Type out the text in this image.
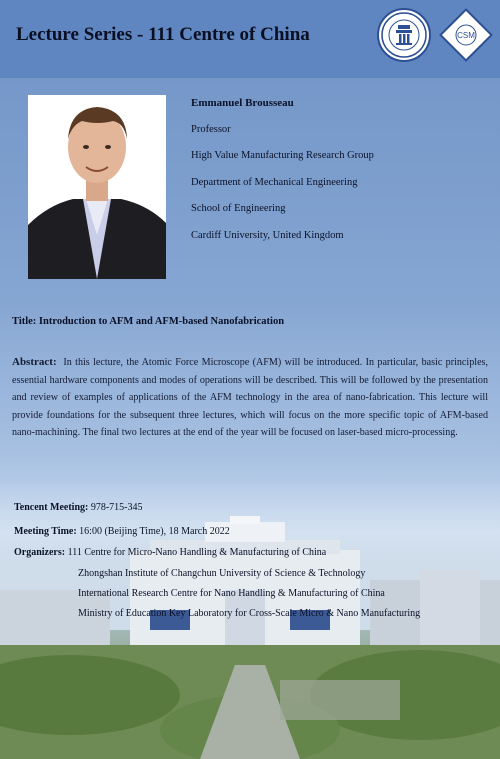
Lecture Series - 111 Centre of China	CSM
Emmanuel Brousseau
Professor
High Value Manufacturing Research Group
Department of Mechanical Engineering
School of Engineering
Cardiff University, United Kingdom
Title: Introduction to AFM and AFM-based Nanofabrication
Abstract: In this lecture, the Atomic Force Microscope (AFM) will be introduced. In particular, basic principles, essential hardware components and modes of operations will be described. This will be followed by the presentation and review of examples of applications of the AFM technology in the area of nano-fabrication. This lecture will provide foundations for the subsequent three lectures, which will focus on the more specific topic of AFM-based nano-machining. The final two lectures at the end of the year will be focused on laser-based micro-processing.
Tencent Meeting: 978-715-345
Meeting Time: 16:00 (Beijing Time), 18 March 2022
Organizers: 111 Centre for Micro-Nano Handling & Manufacturing of China
Zhongshan Institute of Changchun University of Science & Technology
International Research Centre for Nano Handling & Manufacturing of China
Ministry of Education Key Laboratory for Cross-Scale Micro & Nano Manufacturing
